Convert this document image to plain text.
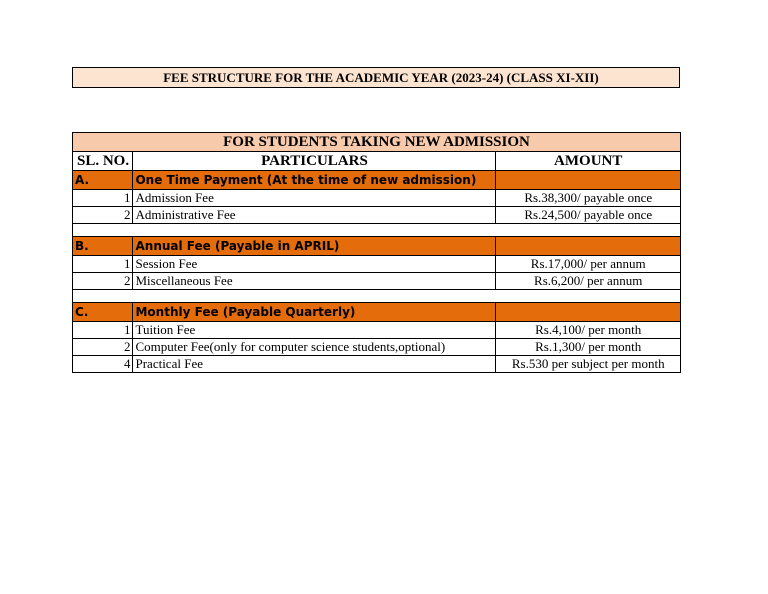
FEE STRUCTURE FOR THE ACADEMIC YEAR (2023-24) (CLASS XI-XII)
FOR STUDENTS TAKING NEW ADMISSION		
SL. NO.	PARTICULARS	AMOUNT
A.	One Time Payment (At the time of new admission)	
1	Admission Fee	Rs.38,300/ payable once
2	Administrative Fee	Rs.24,500/ payable once

B.	Annual Fee (Payable in APRIL)	
1	Session Fee	Rs.17,000/ per annum
2	Miscellaneous Fee	Rs.6,200/ per annum

C.	Monthly Fee (Payable Quarterly)	
1	Tuition Fee	Rs.4,100/ per month
2	Computer Fee(only for computer science students,optional)	Rs.1,300/ per month
4	Practical Fee	Rs.530 per subject per month
